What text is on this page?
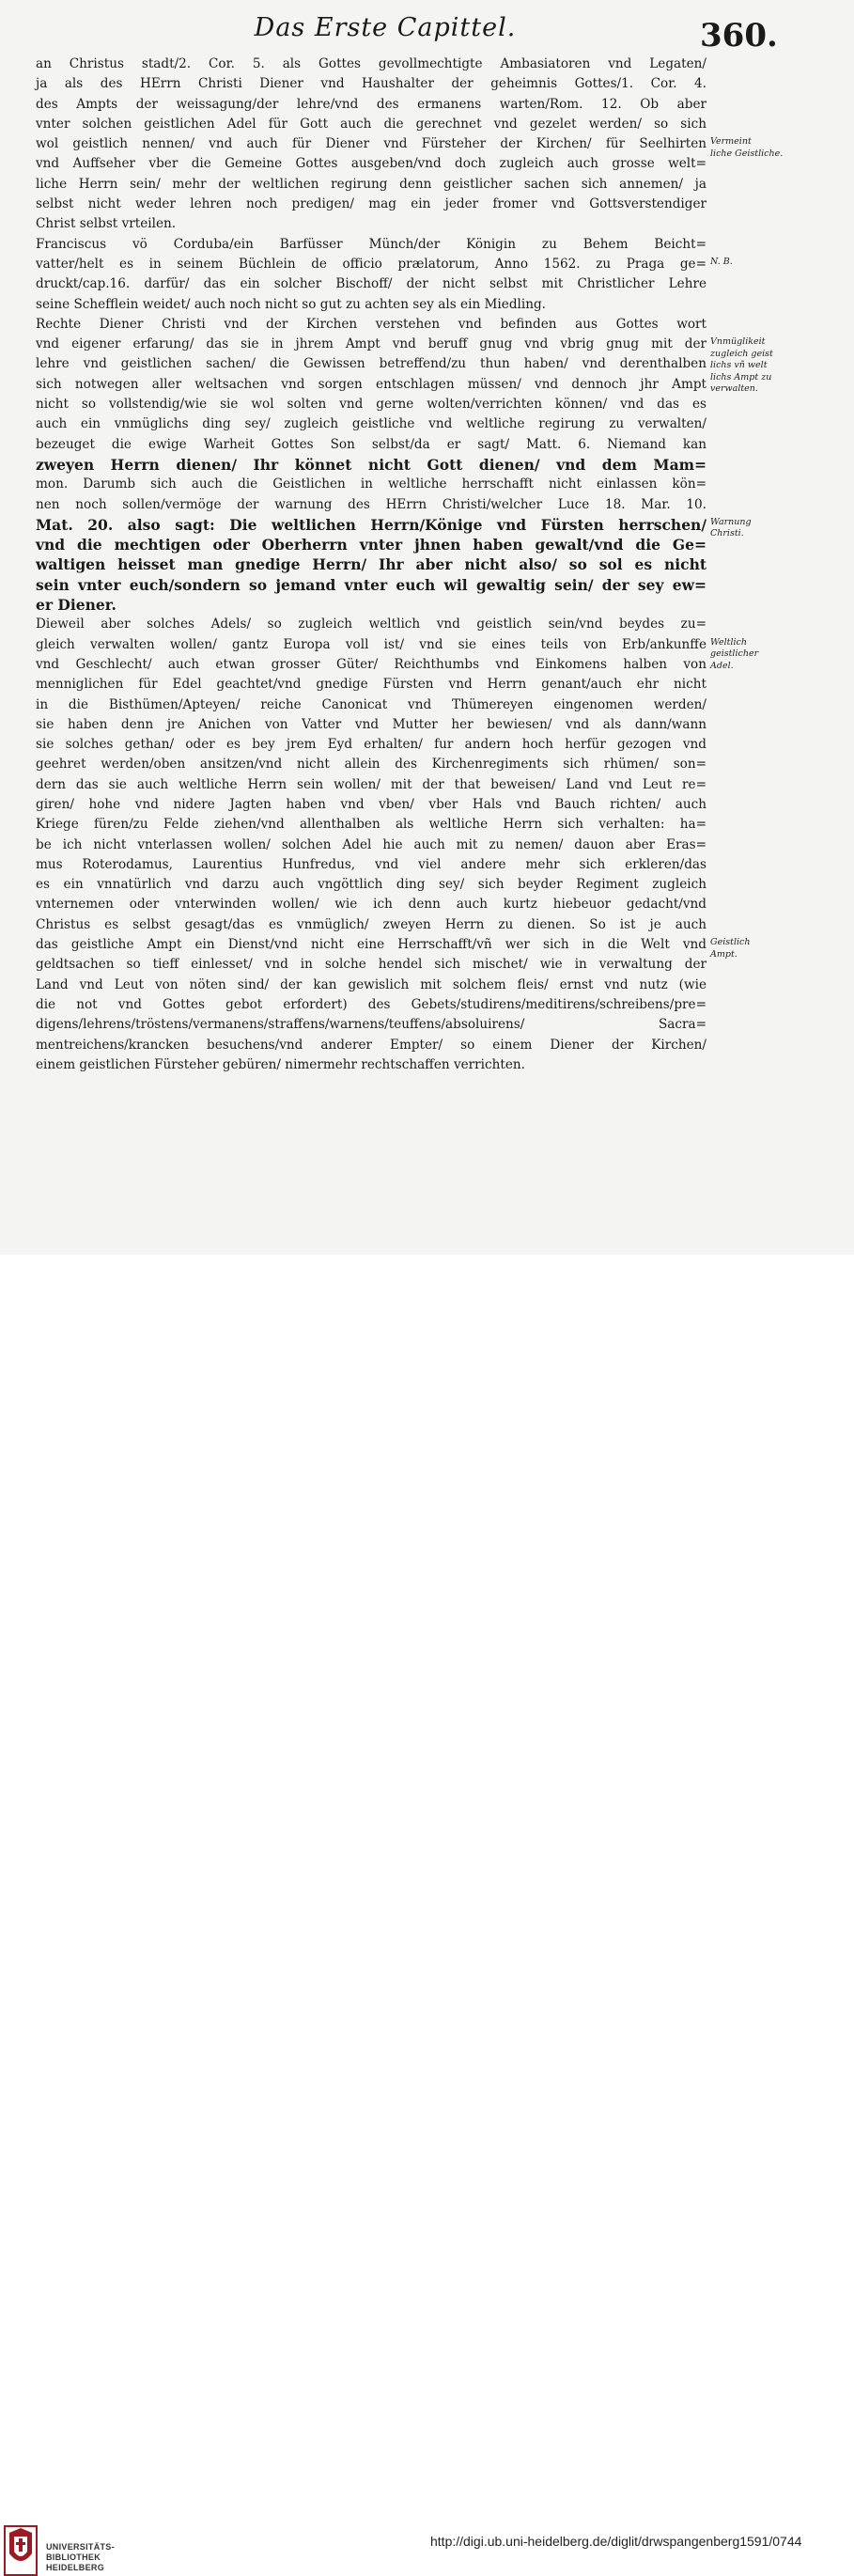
Das Erste Capittel.	360.
an Christus stadt/2. Cor. 5. als Gottes gevollmechtigte Ambasiatoren vnd Legaten/
ja als des HErrn Christi Diener vnd Haushalter der geheimnis Gottes/1. Cor. 4.
des Ampts der weissagung/der lehre/vnd des ermanens warten/Rom. 12. Ob aber
vnter solchen geistlichen Adel für Gott auch die gerechnet vnd gezelet werden/ so sich
wol geistlich nennen/ vnd auch für Diener vnd Fürsteher der Kirchen/ für Seelhirten
vnd Auffseher vber die Gemeine Gottes ausgeben/vnd doch zugleich auch grosse welt=
liche Herrn sein/ mehr der weltlichen regirung denn geistlicher sachen sich annemen/ ja
selbst nicht weder lehren noch predigen/ mag ein jeder fromer vnd Gottsverstendiger
Christ selbst vrteilen.
Franciscus vö Corduba/ein Barfüsser Münch/der Königin zu Behem Beicht=
vatter/helt es in seinem Büchlein de officio prælatorum, Anno 1562. zu Praga ge=
druckt/cap.16. darfür/ das ein solcher Bischoff/ der nicht selbst mit Christlicher Lehre
seine Schefflein weidet/ auch noch nicht so gut zu achten sey als ein Miedling.
Rechte Diener Christi vnd der Kirchen verstehen vnd befinden aus Gottes wort
vnd eigener erfarung/ das sie in jhrem Ampt vnd beruff gnug vnd vbrig gnug mit der
lehre vnd geistlichen sachen/ die Gewissen betreffend/zu thun haben/ vnd derenthalben
sich notwegen aller weltsachen vnd sorgen entschlagen müssen/ vnd dennoch jhr Ampt
nicht so vollstendig/wie sie wol solten vnd gerne wolten/verrichten können/ vnd das es
auch ein vnmüglichs ding sey/ zugleich geistliche vnd weltliche regirung zu verwalten/
bezeuget die ewige Warheit Gottes Son selbst/da er sagt/ Matt. 6. Niemand kan
zweyen Herrn dienen/ Ihr könnet nicht Gott dienen/ vnd dem Mam=
mon. Darumb sich auch die Geistlichen in weltliche herrschafft nicht einlassen kön=
nen noch sollen/vermöge der warnung des HErrn Christi/welcher Luce 18. Mar. 10.
Mat. 20. also sagt: Die weltlichen Herrn/Könige vnd Fürsten herrschen/
vnd die mechtigen oder Oberherrn vnter jhnen haben gewalt/vnd die Ge=
waltigen heisset man gnedige Herrn/ Ihr aber nicht also/ so sol es nicht
sein vnter euch/sondern so jemand vnter euch wil gewaltig sein/ der sey ew=
er Diener.
Dieweil aber solches Adels/ so zugleich weltlich vnd geistlich sein/vnd beydes zu=
gleich verwalten wollen/ gantz Europa voll ist/ vnd sie eines teils von Erb/ankunffe
vnd Geschlecht/ auch etwan grosser Güter/ Reichthumbs vnd Einkomens halben von
menniglichen für Edel geachtet/vnd gnedige Fürsten vnd Herrn genant/auch ehr nicht
in die Bisthümen/Apteyen/ reiche Canonicat vnd Thümereyen eingenomen werden/
sie haben denn jre Anichen von Vatter vnd Mutter her bewiesen/ vnd als dann/wann
sie solches gethan/ oder es bey jrem Eyd erhalten/ fur andern hoch herfür gezogen vnd
geehret werden/oben ansitzen/vnd nicht allein des Kirchenregiments sich rhümen/ son=
dern das sie auch weltliche Herrn sein wollen/ mit der that beweisen/ Land vnd Leut re=
giren/ hohe vnd nidere Jagten haben vnd vben/ vber Hals vnd Bauch richten/ auch
Kriege füren/zu Felde ziehen/vnd allenthalben als weltliche Herrn sich verhalten: ha=
be ich nicht vnterlassen wollen/ solchen Adel hie auch mit zu nemen/ dauon aber Eras=
mus Roterodamus, Laurentius Hunfredus, vnd viel andere mehr sich erkleren/das
es ein vnnatürlich vnd darzu auch vngöttlich ding sey/ sich beyder Regiment zugleich
vnternemen oder vnterwinden wollen/ wie ich denn auch kurtz hiebeuor gedacht/vnd
Christus es selbst gesagt/das es vnmüglich/ zweyen Herrn zu dienen. So ist je auch
das geistliche Ampt ein Dienst/vnd nicht eine Herrschafft/vñ wer sich in die Welt vnd
geldtsachen so tieff einlesset/ vnd in solche hendel sich mischet/ wie in verwaltung der
Land vnd Leut von nöten sind/ der kan gewislich mit solchem fleis/ ernst vnd nutz (wie
die not vnd Gottes gebot erfordert) des Gebets/studirens/meditirens/schreibens/pre=
digens/lehrens/tröstens/vermanens/straffens/warnens/teuffens/absoluirens/ Sacra=
mentreichens/krancken besuchens/vnd anderer Empter/ so einem Diener der Kirchen/
einem geistlichen Fürsteher gebüren/ nimermehr rechtschaffen verrichten.
Vermeint
liche Geistliche.
N. B.
Vnmüglikeit
zugleich geist
lichs vñ welt
lichs Ampt zu
verwalten.
Warnung
Christi.
Weltlich
geistlicher
Adel.
Geistlich
Ampt.
UNIVERSITÄTS-
BIBLIOTHEK
HEIDELBERG
http://digi.ub.uni-heidelberg.de/diglit/drwspangenberg1591/0744
